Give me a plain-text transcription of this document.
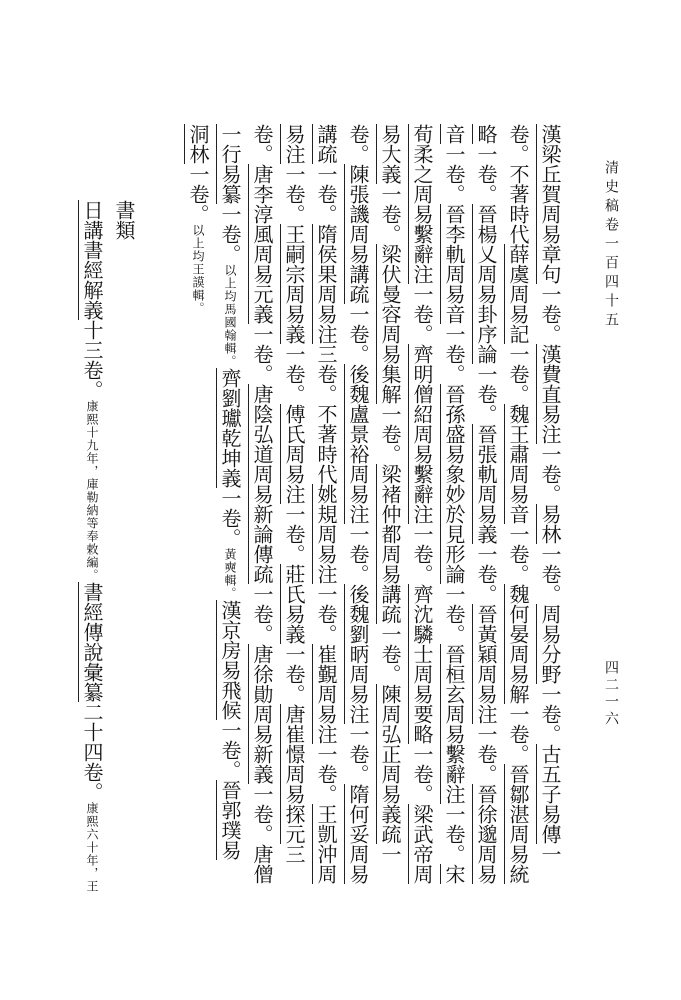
清史稿卷一百四十五
四二一六
漢梁丘賀周易章句一卷。漢費直易注一卷。易林一卷。周易分野一卷。古五子易傳一
卷。不著時代薛虞周易記一卷。魏王肅周易音一卷。魏何晏周易解一卷。晉鄒湛周易統
略一卷。晉楊乂周易卦序論一卷。晉張軌周易義一卷。晉黃穎周易注一卷。晉徐邈周易
音一卷。晉李軌周易音一卷。晉孫盛易象妙於見形論一卷。晉桓玄周易繫辭注一卷。宋
荀柔之周易繫辭注一卷。齊明僧紹周易繫辭注一卷。齊沈驎士周易要略一卷。梁武帝周
易大義一卷。梁伏曼容周易集解一卷。梁褚仲都周易講疏一卷。陳周弘正周易義疏一
卷。陳張譏周易講疏一卷。後魏盧景裕周易注一卷。後魏劉昞周易注一卷。隋何妥周易
講疏一卷。隋侯果周易注三卷。不著時代姚規周易注一卷。崔覲周易注一卷。王凱沖周
易注一卷。王嗣宗周易義一卷。傅氏周易注一卷。莊氏易義一卷。唐崔憬周易探元三
卷。唐李淳風周易元義一卷。唐陰弘道周易新論傳疏一卷。唐徐勛周易新義一卷。唐僧
一行易纂一卷。以上均馬國翰輯。齊劉瓛乾坤義一卷。黃奭輯。漢京房易飛候一卷。晉郭璞易
洞林一卷。以上均王謨輯。
書類
日講書經解義十三卷。康熙十九年，庫勒納等奉敕編。書經傳說彙纂二十四卷。康熙六十年，王
